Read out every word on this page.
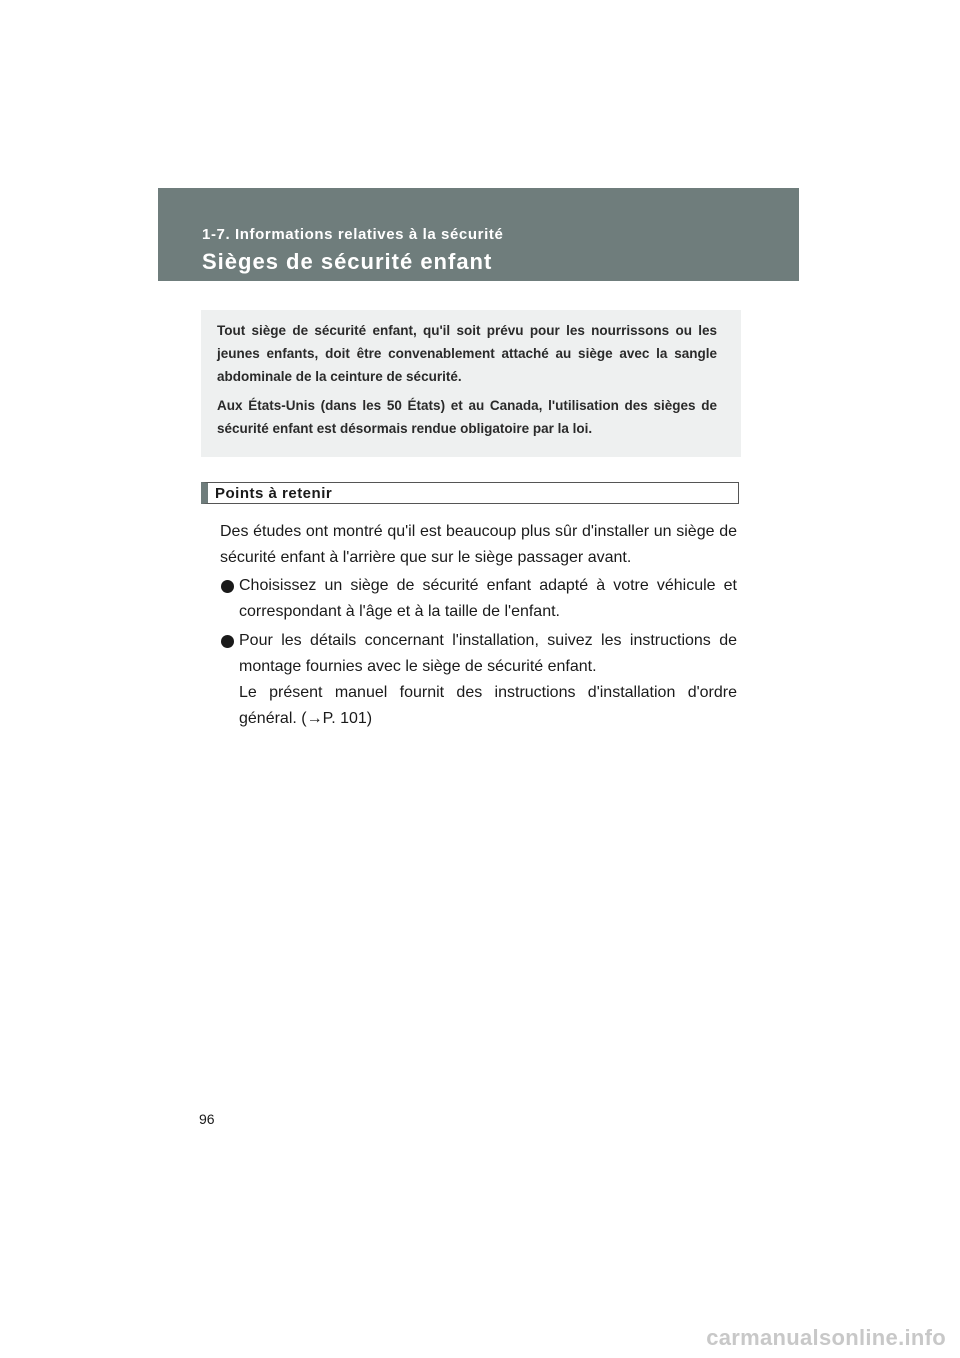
1-7. Informations relatives à la sécurité
Sièges de sécurité enfant

Tout siège de sécurité enfant, qu'il soit prévu pour les nourrissons ou les jeunes enfants, doit être convenablement attaché au siège avec la sangle abdominale de la ceinture de sécurité.

Aux États-Unis (dans les 50 États) et au Canada, l'utilisation des sièges de sécurité enfant est désormais rendue obligatoire par la loi.

Points à retenir
Des études ont montré qu'il est beaucoup plus sûr d'installer un siège de sécurité enfant à l'arrière que sur le siège passager avant.
Choisissez un siège de sécurité enfant adapté à votre véhicule et correspondant à l'âge et à la taille de l'enfant.
Pour les détails concernant l'installation, suivez les instructions de montage fournies avec le siège de sécurité enfant.
Le présent manuel fournit des instructions d'installation d'ordre général. (→P. 101)
96
carmanualsonline.info
